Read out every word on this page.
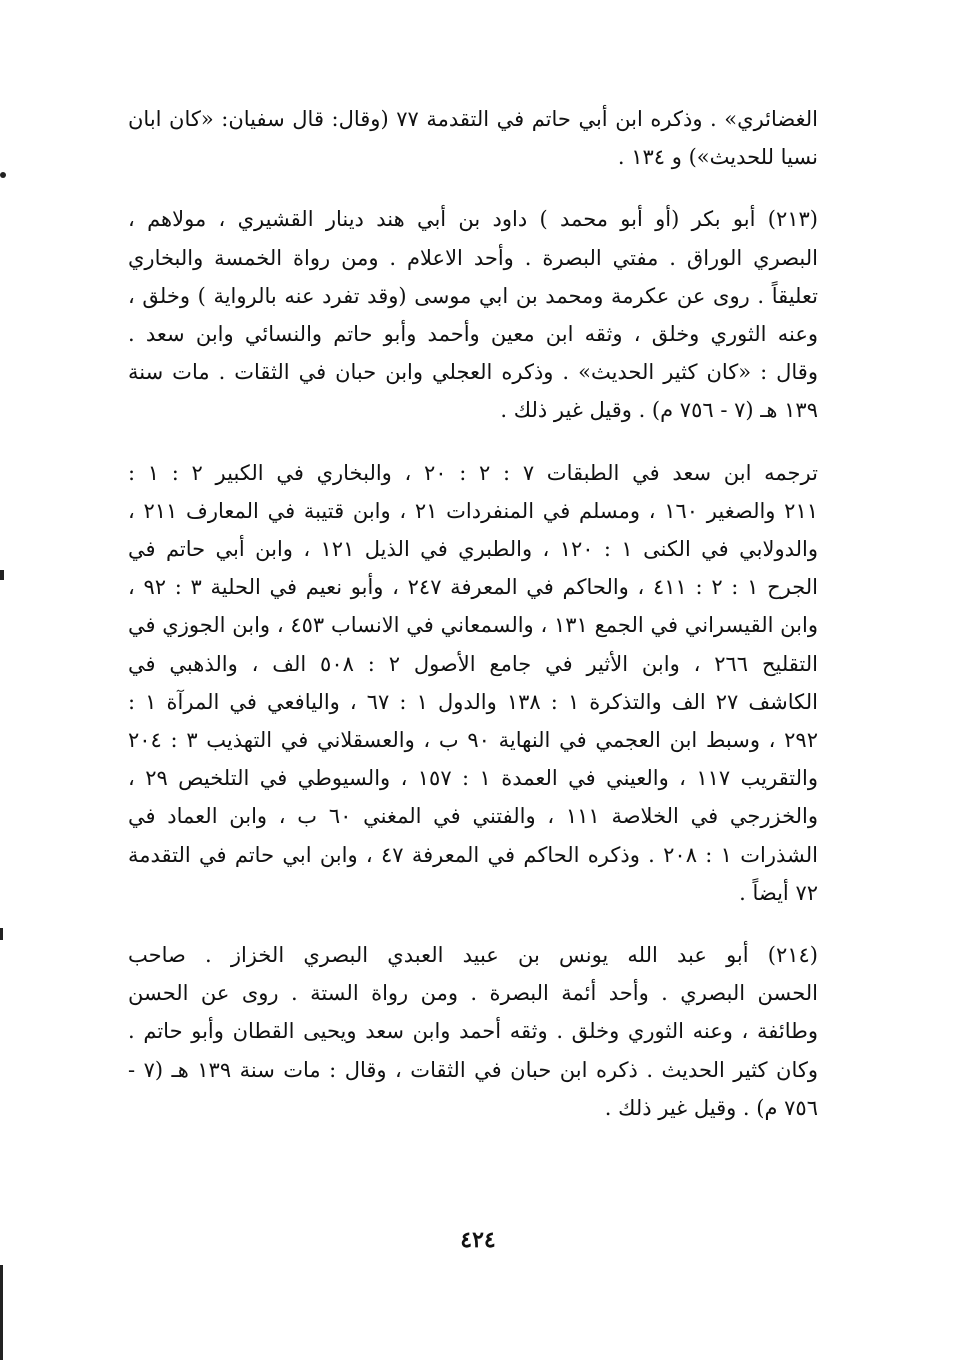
الغضائري» . وذكره ابن أبي حاتم في التقدمة ٧٧ (وقال: قال سفيان: «كان ابان
نسيا للحديث») و ١٣٤ .
(٢١٣) أبو بكر (أو أبو محمد ) داود بن أبي هند دينار القشيري ، مولاهم ،
البصري الوراق . مفتي البصرة . وأحد الاعلام . ومن رواة الخمسة والبخاري
تعليقاً . روى عن عكرمة ومحمد بن ابي موسى (وقد تفرد عنه بالرواية ) وخلق ،
وعنه الثوري وخلق ، وثقه ابن معين وأحمد وأبو حاتم والنسائي وابن سعد .
وقال : «كان كثير الحديث» . وذكره العجلي وابن حبان في الثقات . مات سنة
١٣٩ هـ (٧ - ٧٥٦ م) . وقيل غير ذلك .
ترجمه ابن سعد في الطبقات ٧ : ٢ : ٢٠ ، والبخاري في الكبير ٢ : ١ :
٢١١ والصغير ١٦٠ ، ومسلم في المنفردات ٢١ ، وابن قتيبة في المعارف ٢١١ ،
والدولابي في الكنى ١ : ١٢٠ ، والطبري في الذيل ١٢١ ، وابن أبي حاتم في
الجرح ١ : ٢ : ٤١١ ، والحاكم في المعرفة ٢٤٧ ، وأبو نعيم في الحلية ٣ : ٩٢ ،
وابن القيسراني في الجمع ١٣١ ، والسمعاني في الانساب ٤٥٣ ، وابن الجوزي في
التقليح ٢٦٦ ، وابن الأثير في جامع الأصول ٢ : ٥٠٨ الف ، والذهبي في
الكاشف ٢٧ الف والتذكرة ١ : ١٣٨ والدول ١ : ٦٧ ، واليافعي في المرآة ١ :
٢٩٢ ، وسبط ابن العجمي في النهاية ٩٠ ب ، والعسقلاني في التهذيب ٣ : ٢٠٤
والتقريب ١١٧ ، والعيني في العمدة ١ : ١٥٧ ، والسيوطي في التلخيص ٢٩ ،
والخزرجي في الخلاصة ١١١ ، والفتني في المغني ٦٠ ب ، وابن العماد في
الشذرات ١ : ٢٠٨ . وذكره الحاكم في المعرفة ٤٧ ، وابن ابي حاتم في التقدمة
٧٢ أيضاً .
(٢١٤) أبو عبد الله يونس بن عبيد العبدي البصري الخزاز . صاحب
الحسن البصري . وأحد أئمة البصرة . ومن رواة الستة . روى عن الحسن
وطائفة ، وعنه الثوري وخلق . وثقه أحمد وابن سعد ويحيى القطان وأبو حاتم .
وكان كثير الحديث . ذكره ابن حبان في الثقات ، وقال : مات سنة ١٣٩ هـ (٧ -
٧٥٦ م) . وقيل غير ذلك .
٤٢٤
